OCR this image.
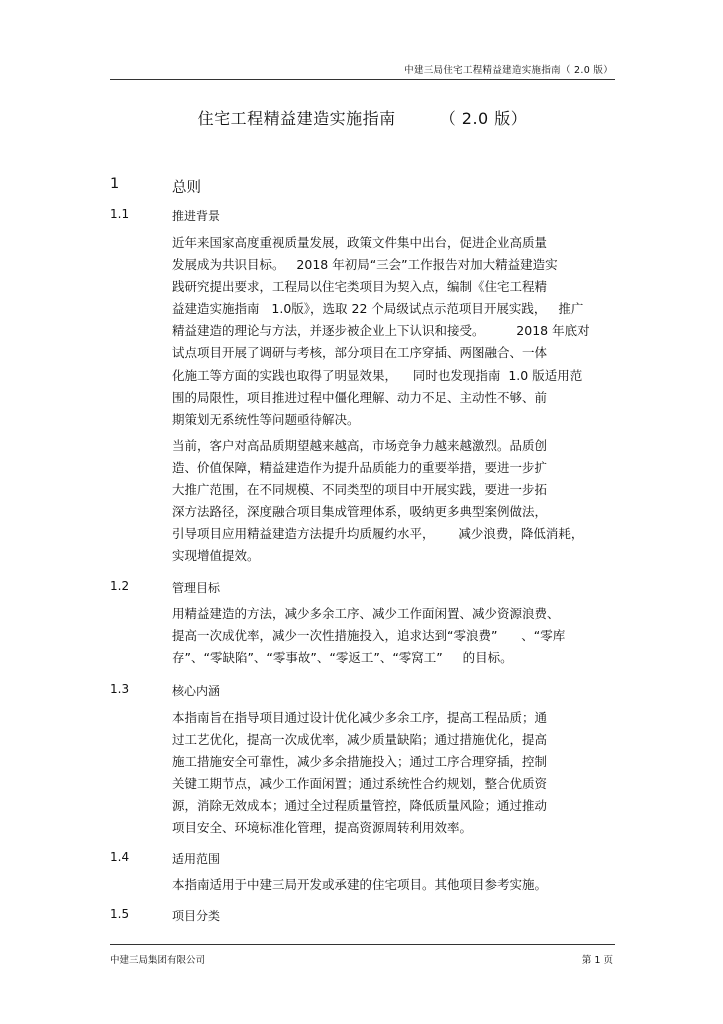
中建三局住宅工程精益建造实施指南（ 2.0 版）
住宅工程精益建造实施指南	（ 2.0 版）
1	总则
1.1	推进背景

近年来国家高度重视质量发展，政策文件集中出台，促进企业高质量
发展成为共识目标。   2018 年初局“三会”工作报告对加大精益建造实
践研究提出要求，工程局以住宅类项目为契入点，编制《住宅工程精
益建造实施指南   1.0版》，选取 22 个局级试点示范项目开展实践，   推广
精益建造的理论与方法，并逐步被企业上下认识和接受。        2018 年底对
试点项目开展了调研与考核，部分项目在工序穿插、两图融合、一体
化施工等方面的实践也取得了明显效果，    同时也发现指南  1.0 版适用范
围的局限性，项目推进过程中僵化理解、动力不足、主动性不够、前
期策划无系统性等问题亟待解决。

当前，客户对高品质期望越来越高，市场竞争力越来越激烈。品质创
造、价值保障，精益建造作为提升品质能力的重要举措，要进一步扩
大推广范围，在不同规模、不同类型的项目中开展实践，要进一步拓
深方法路径，深度融合项目集成管理体系，吸纳更多典型案例做法，
引导项目应用精益建造方法提升均质履约水平，      减少浪费，降低消耗，
实现增值提效。

1.2	管理目标

用精益建造的方法，减少多余工序、减少工作面闲置、减少资源浪费、
提高一次成优率，减少一次性措施投入，追求达到“零浪费”      、“零库
存”、“零缺陷”、“零事故”、“零返工”、“零窝工”     的目标。

1.3	核心内涵

本指南旨在指导项目通过设计优化减少多余工序，提高工程品质；通
过工艺优化，提高一次成优率，减少质量缺陷；通过措施优化，提高
施工措施安全可靠性，减少多余措施投入；通过工序合理穿插，控制
关键工期节点，减少工作面闲置；通过系统性合约规划，整合优质资
源，消除无效成本；通过全过程质量管控，降低质量风险；通过推动
项目安全、环境标准化管理，提高资源周转利用效率。

1.4	适用范围

本指南适用于中建三局开发或承建的住宅项目。其他项目参考实施。

1.5	项目分类
中建三局集团有限公司	第 1 页
